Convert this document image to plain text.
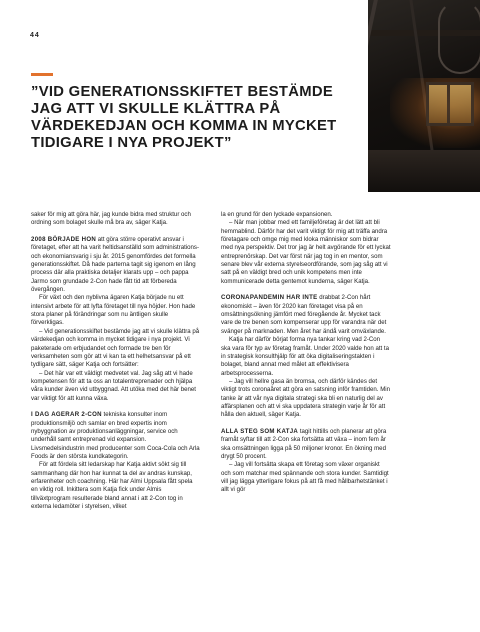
44
”VID GENERATIONSSKIFTET BESTÄMDE JAG ATT VI SKULLE KLÄTTRA PÅ VÄRDEKEDJAN OCH KOMMA IN MYCKET TIDIGARE I NYA PROJEKT”

saker för mig att göra här, jag kunde bidra med struktur och ordning som bolaget skulle må bra av, säger Katja.

2008 BÖRJADE HON att göra större operativt ansvar i företaget, efter att ha varit heltidsanställd som administrations- och ekonomiansvarig i sju år. 2015 genomfördes det formella generationsskiftet. Då hade parterna tagit sig igenom en lång process där alla praktiska detaljer klarats upp – och pappa Jarmo som grundade 2-Con hade fått tid att förbereda övergången.

För växt och den nyblivna ägaren Katja började nu ett intensivt arbete för att lyfta företaget till nya höjder. Hon hade stora planer på förändringar som nu äntligen skulle förverkligas.

– Vid generationsskiftet bestämde jag att vi skulle klättra på värdekedjan och komma in mycket tidigare i nya projekt. Vi paketerade om erbjudandet och formade tre ben för verksamheten som gör att vi kan ta ett helhetsansvar på ett tydligare sätt, säger Katja och fortsätter:

– Det här var ett väldigt medvetet val. Jag såg att vi hade kompetensen för att ta oss an totalentreprenader och hjälpa våra kunder även vid utbyggnad. Att utöka med det här benet var viktigt för att kunna växa.

I DAG AGERAR 2-CON tekniska konsulter inom produktionsmiljö och samlar en bred expertis inom nybyggnation av produktionsanläggningar, service och underhåll samt entreprenad vid expansion. Livsmedelsindustrin med producenter som Coca-Cola och Arla Foods är den största kundkategorin.

För att fördela sitt ledarskap har Katja aktivt sökt sig till sammanhang där hon har kunnat ta del av andras kunskap, erfarenheter och coachning. Här har Almi Uppsala fått spela en viktig roll. Inkittera som Katja fick under Almis tillväxtprogram resulterade bland annat i att 2-Con tog in externa ledamöter i styrelsen, vilket

la en grund för den lyckade expansionen.

– När man jobbar med ett familjeföretag är det lätt att bli hemmablind. Därför har det varit viktigt för mig att träffa andra företagare och omge mig med kloka människor som bidrar med nya perspektiv. Det tror jag är helt avgörande för ett lyckat entreprenörskap. Det var först när jag tog in en mentor, som senare blev vår externa styrelseordförande, som jag såg att vi satt på en väldigt bred och unik kompetens men inte kommunicerade detta gentemot kunderna, säger Katja.

CORONAPANDEMIN HAR INTE drabbat 2-Con hårt ekonomiskt – även för 2020 kan företaget visa på en omsättningsökning jämfört med föregående år. Mycket tack vare de tre benen som kompenserar upp för varandra när det svänger på marknaden. Men året har ändå varit omväxlande.

Katja har därför börjat forma nya tankar kring vad 2-Con ska vara för typ av företag framåt. Under 2020 valde hon att ta in strategisk konsulthjälp för att öka digitaliseringstakten i bolaget, bland annat med målet att effektivisera arbetsprocesserna.

– Jag vill hellre gasa än bromsa, och därför kändes det viktigt trots coronaåret att göra en satsning inför framtiden. Min tanke är att vår nya digitala strategi ska bli en naturlig del av affärsplanen och att vi ska uppdatera strategin varje år för att hålla den aktuell, säger Katja.

ALLA STEG SOM KATJA tagit hittills och planerar att göra framåt syftar till att 2-Con ska fortsätta att växa – inom fem år ska omsättningen ligga på 50 miljoner kronor. En ökning med drygt 50 procent.

– Jag vill fortsätta skapa ett företag som växer organiskt och som matchar med spännande och stora kunder. Samtidigt vill jag lägga ytterligare fokus på att få med hållbarhetstänket i allt vi gör
